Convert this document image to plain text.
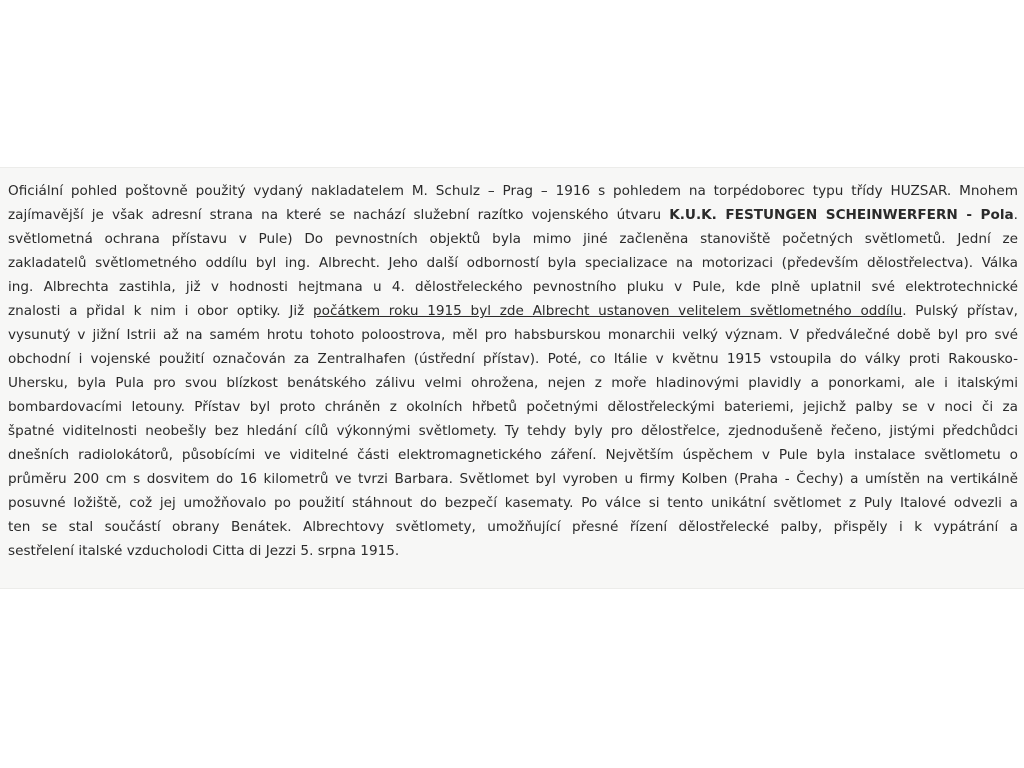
Oficiální pohled poštovně použitý vydaný nakladatelem M. Schulz – Prag – 1916 s pohledem na torpédoborec typu třídy HUZSAR. Mnohem
zajímavější je však adresní strana na které se nachází služební razítko vojenského útvaru K.U.K. FESTUNGEN SCHEINWERFERN - Pola.
světlometná ochrana přístavu v Pule) Do pevnostních objektů byla mimo jiné začleněna stanoviště početných světlometů. Jední ze
zakladatelů světlometného oddílu byl ing. Albrecht. Jeho další odborností byla specializace na motorizaci (především dělostřelectva). Válka
ing. Albrechta zastihla, již v hodnosti hejtmana u 4. dělostřeleckého pevnostního pluku v Pule, kde plně uplatnil své elektrotechnické
znalosti a přidal k nim i obor optiky. Již počátkem roku 1915 byl zde Albrecht ustanoven velitelem světlometného oddílu. Pulský přístav,
vysunutý v jižní Istrii až na samém hrotu tohoto poloostrova, měl pro habsburskou monarchii velký význam. V předválečné době byl pro své
obchodní i vojenské použití označován za Zentralhafen (ústřední přístav). Poté, co Itálie v květnu 1915 vstoupila do války proti Rakousko-
Uhersku, byla Pula pro svou blízkost benátského zálivu velmi ohrožena, nejen z moře hladinovými plavidly a ponorkami, ale i italskými
bombardovacími letouny. Přístav byl proto chráněn z okolních hřbetů početnými dělostřeleckými bateriemi, jejichž palby se v noci či za
špatné viditelnosti neobešly bez hledání cílů výkonnými světlomety. Ty tehdy byly pro dělostřelce, zjednodušeně řečeno, jistými předchůdci
dnešních radiolokátorů, působícími ve viditelné části elektromagnetického záření. Největším úspěchem v Pule byla instalace světlometu o
průměru 200 cm s dosvitem do 16 kilometrů ve tvrzi Barbara. Světlomet byl vyroben u firmy Kolben (Praha - Čechy) a umístěn na vertikálně
posuvné ložiště, což jej umožňovalo po použití stáhnout do bezpečí kasematy. Po válce si tento unikátní světlomet z Puly Italové odvezli a
ten se stal součástí obrany Benátek. Albrechtovy světlomety, umožňující přesné řízení dělostřelecké palby, přispěly i k vypátrání a
sestřelení italské vzducholodi Citta di Jezzi 5. srpna 1915.
